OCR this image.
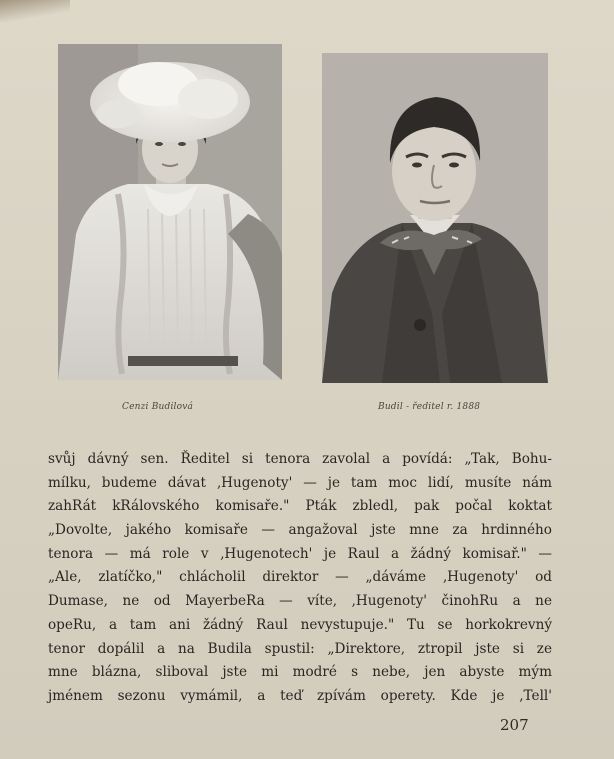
Cenzi Budilová	Budil - ředitel r. 1888
svůj dávný sen. Ředitel si tenora zavolal a povídá: „Tak, Bohu-
mílku, budeme dávat ‚Hugenoty' — je tam moc lidí, musíte nám
zahRát kRálovského komisaře." Pták zbledl, pak počal koktat
„Dovolte, jakého komisaře — angažoval jste mne za hrdinného
tenora — má role v ‚Hugenotech' je Raul a žádný komisař." —
„Ale, zlatíčko," chlácholil direktor — „dáváme ‚Hugenoty' od
Dumase, ne od MayerbeRa — víte, ‚Hugenoty' činohRu a ne
opeRu, a tam ani žádný Raul nevystupuje." Tu se horkokrevný
tenor dopálil a na Budila spustil: „Direktore, ztropil jste si ze
mne blázna, sliboval jste mi modré s nebe, jen abyste mým
jménem sezonu vymámil, a teď zpívám operety. Kde je ‚Tell'
207
